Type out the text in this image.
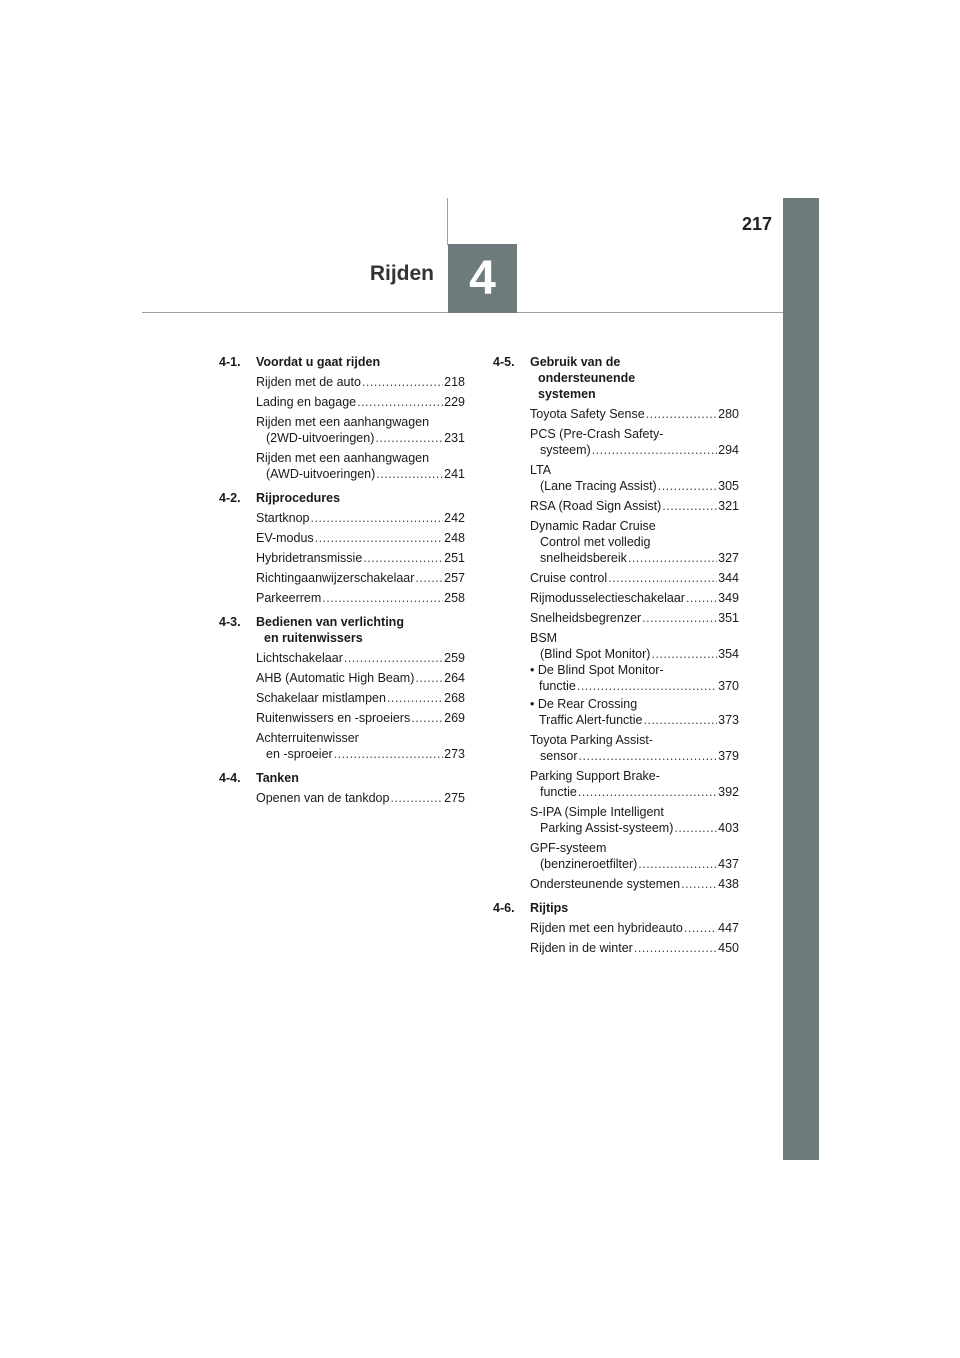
217
Rijden 4
4-1.	Voordat u gaat rijden
Rijden met de auto .....	218
Lading en bagage .....	229
Rijden met een aanhangwagen
(2WD-uitvoeringen) .....	231
Rijden met een aanhangwagen
(AWD-uitvoeringen) .....	241
4-2.	Rijprocedures
Startknop .....	242
EV-modus .....	248
Hybridetransmissie .....	251
Richtingaanwijzerschakelaar ..... 257
Parkeerrem .....	258
4-3.	Bedienen van verlichting
en ruitenwissers
Lichtschakelaar .....	259
AHB (Automatic High Beam) ..... 264
Schakelaar mistlampen .....	268
Ruitenwissers en -sproeiers .....	269
Achterruitenwisser
en -sproeier .....	273
4-4.	Tanken
Openen van de tankdop .....	275
4-5.	Gebruik van de
ondersteunende
systemen
Toyota Safety Sense .....	280
PCS (Pre-Crash Safety-
systeem) .....	294
LTA
(Lane Tracing Assist) .....	305
RSA (Road Sign Assist) .....	321
Dynamic Radar Cruise
Control met volledig
snelheidsbereik .....	327
Cruise control .....	344
Rijmodusselectieschakelaar .....	349
Snelheidsbegrenzer .....	351
BSM
(Blind Spot Monitor) .....	354
• De Blind Spot Monitor-
functie .....	370
• De Rear Crossing
Traffic Alert-functie .....	373
Toyota Parking Assist-
sensor .....	379
Parking Support Brake-
functie .....	392
S-IPA (Simple Intelligent
Parking Assist-systeem) .....	403
GPF-systeem
(benzineroetfilter) .....	437
Ondersteunende systemen .....	438
4-6.	Rijtips
Rijden met een hybrideauto .....	447
Rijden in de winter .....	450
